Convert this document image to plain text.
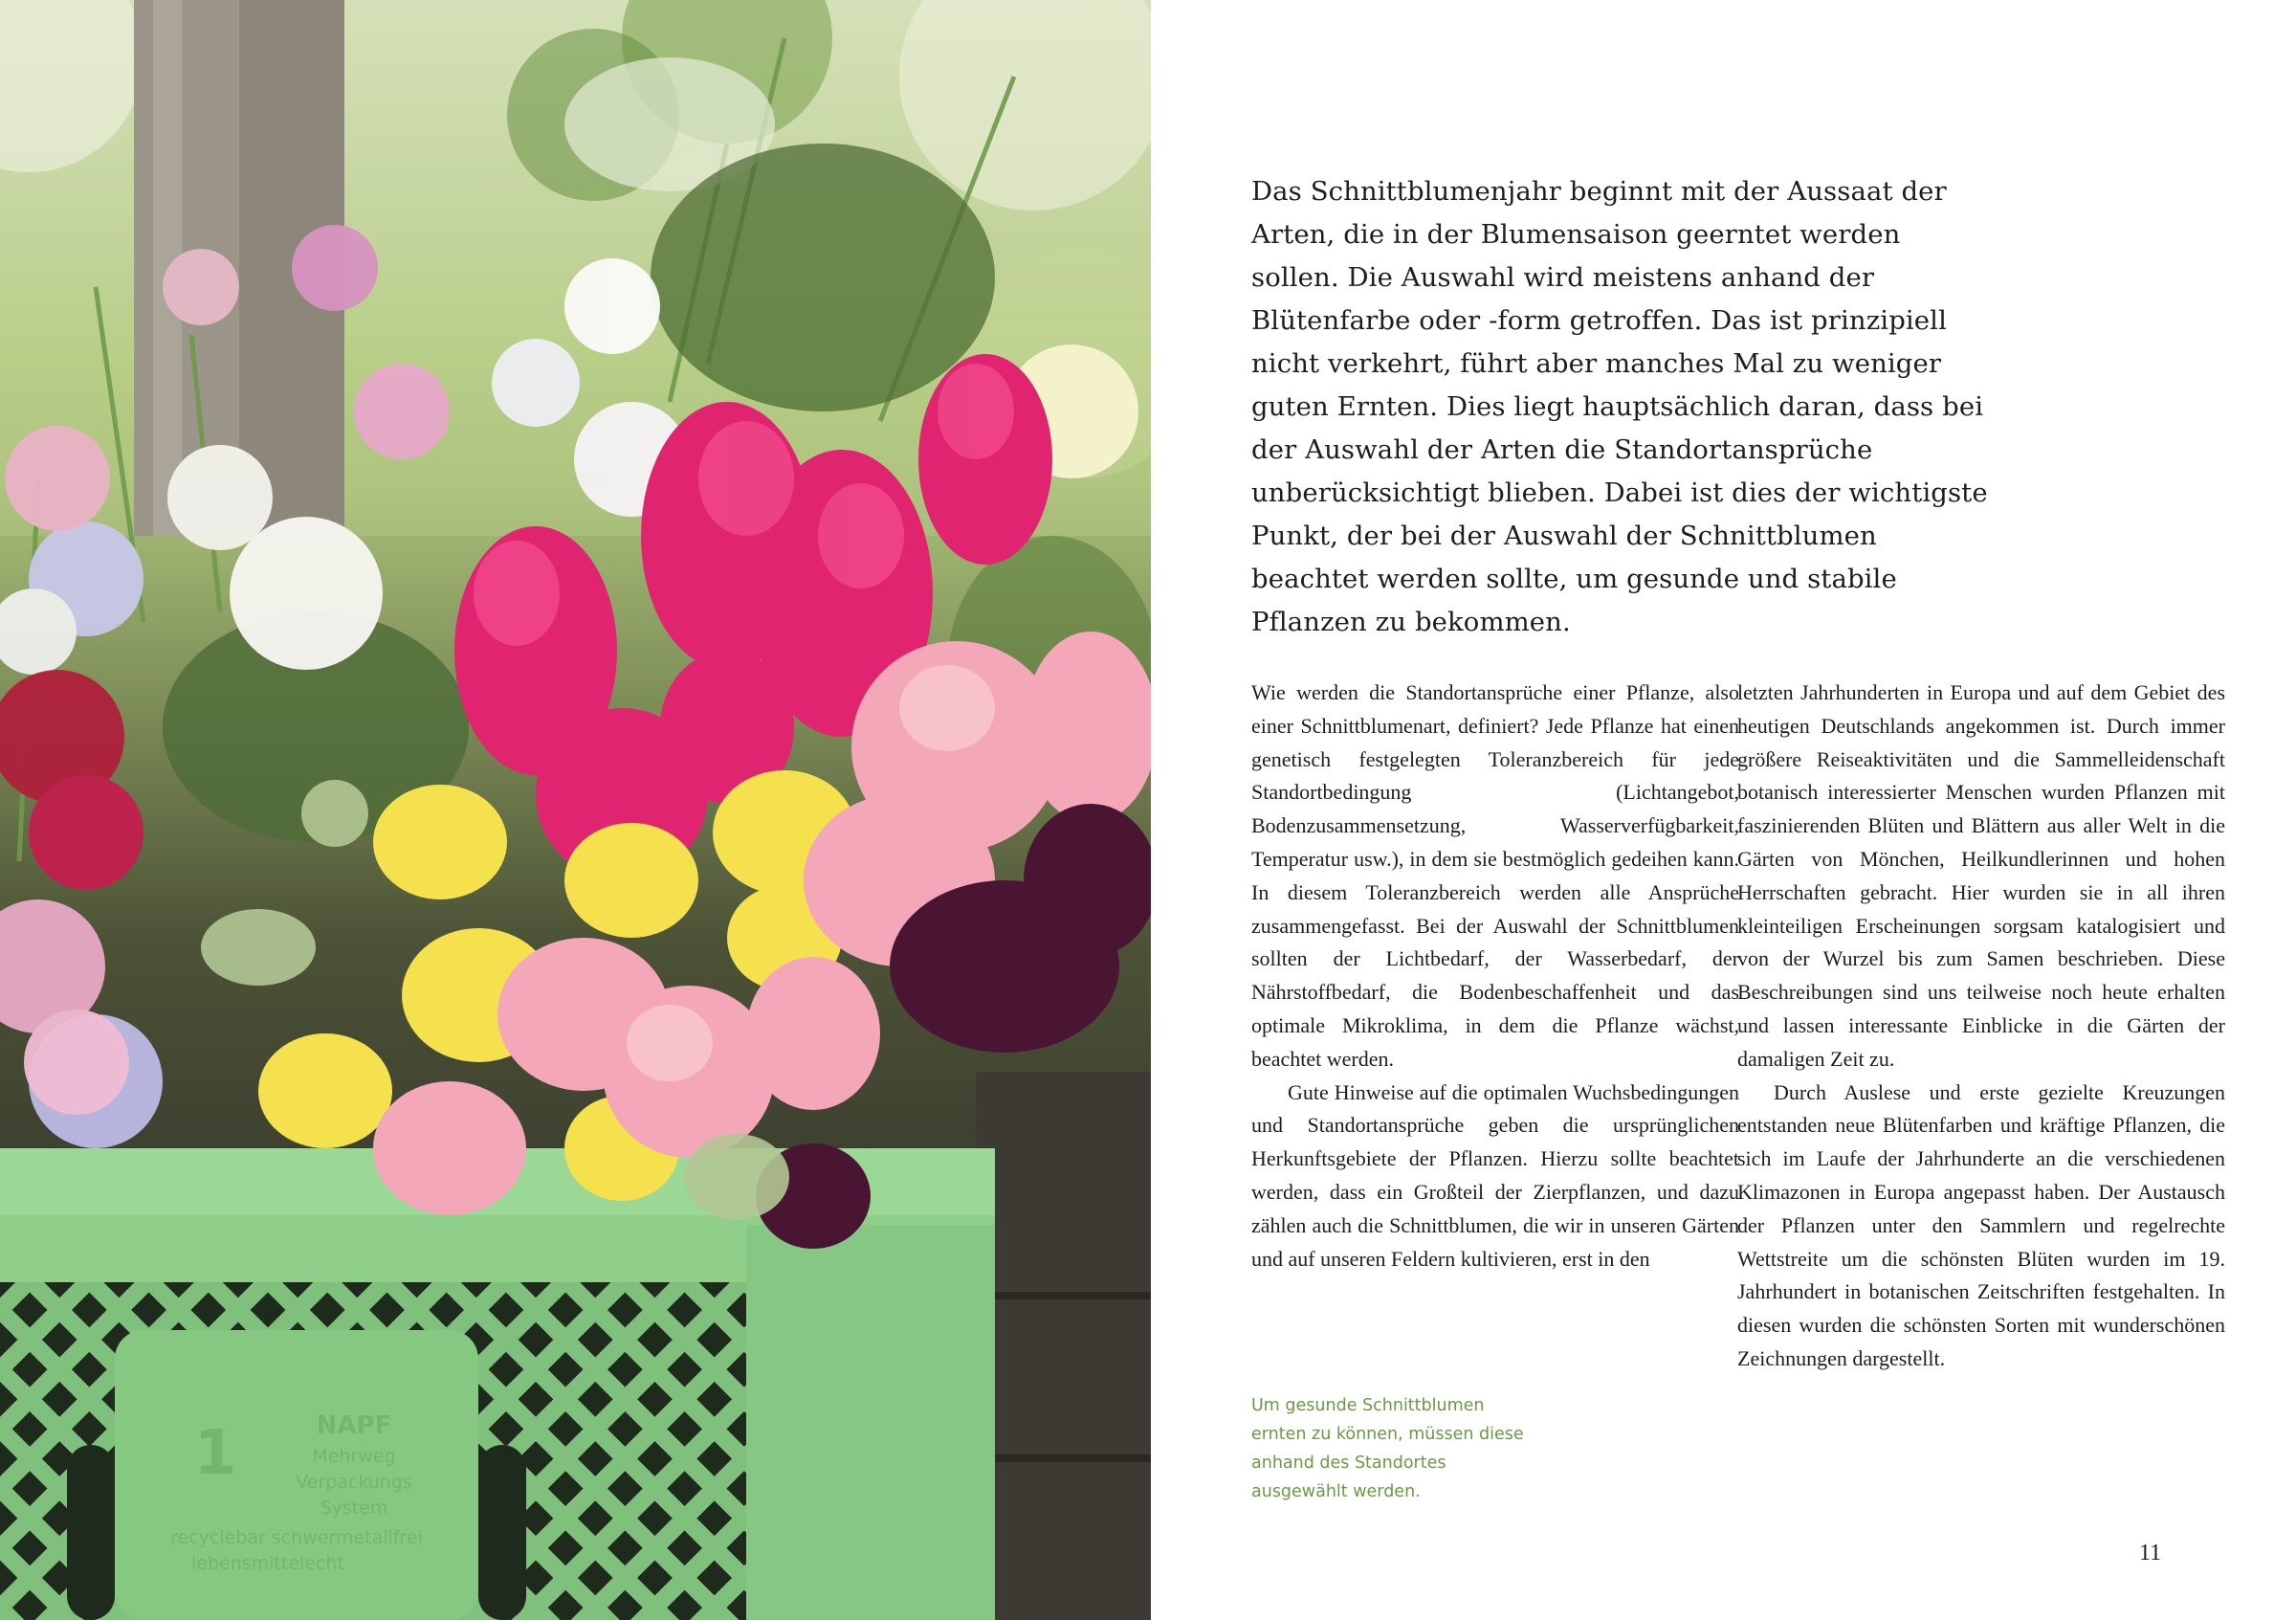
1	NAPF
Mehrweg
Verpackungs
System
recyclebar schwermetallfrei
lebensmittelecht

Das Schnittblumenjahr beginnt mit der Aussaat der Arten, die in der Blumensaison geerntet werden sollen. Die Auswahl wird meistens anhand der Blütenfarbe oder -form getroffen. Das ist prinzipiell nicht verkehrt, führt aber manches Mal zu weniger guten Ernten. Dies liegt hauptsächlich daran, dass bei der Auswahl der Arten die Standortansprüche unberücksichtigt blieben. Dabei ist dies der wichtigste Punkt, der bei der Auswahl der Schnittblumen beachtet werden sollte, um gesunde und stabile Pflanzen zu bekommen.

Wie werden die Standortansprüche einer Pflanze, also einer Schnittblumenart, definiert? Jede Pflanze hat einen genetisch festgelegten Toleranzbereich für jede Standortbedingung (Lichtangebot, Bodenzusammensetzung, Wasserverfügbarkeit, Temperatur usw.), in dem sie bestmöglich gedeihen kann. In diesem Toleranzbereich werden alle Ansprüche zusammengefasst. Bei der Auswahl der Schnittblumen sollten der Lichtbedarf, der Wasserbedarf, der Nährstoffbedarf, die Bodenbeschaffenheit und das optimale Mikroklima, in dem die Pflanze wächst, beachtet werden.

Gute Hinweise auf die optimalen Wuchsbedingungen und Standortansprüche geben die ursprünglichen Herkunftsgebiete der Pflanzen. Hierzu sollte beachtet werden, dass ein Großteil der Zierpflanzen, und dazu zählen auch die Schnittblumen, die wir in unseren Gärten und auf unseren Feldern kultivieren, erst in den

letzten Jahrhunderten in Europa und auf dem Gebiet des heutigen Deutschlands angekommen ist. Durch immer größere Reiseaktivitäten und die Sammelleidenschaft botanisch interessierter Menschen wurden Pflanzen mit faszinierenden Blüten und Blättern aus aller Welt in die Gärten von Mönchen, Heilkundlerinnen und hohen Herrschaften gebracht. Hier wurden sie in all ihren kleinteiligen Erscheinungen sorgsam katalogisiert und von der Wurzel bis zum Samen beschrieben. Diese Beschreibungen sind uns teilweise noch heute erhalten und lassen interessante Einblicke in die Gärten der damaligen Zeit zu.

Durch Auslese und erste gezielte Kreuzungen entstanden neue Blütenfarben und kräftige Pflanzen, die sich im Laufe der Jahrhunderte an die verschiedenen Klimazonen in Europa angepasst haben. Der Austausch der Pflanzen unter den Sammlern und regelrechte Wettstreite um die schönsten Blüten wurden im 19. Jahrhundert in botanischen Zeitschriften festgehalten. In diesen wurden die schönsten Sorten mit wunderschönen Zeichnungen dargestellt.

Um gesunde Schnittblumen ernten zu können, müssen diese anhand des Standortes ausgewählt werden.

11
